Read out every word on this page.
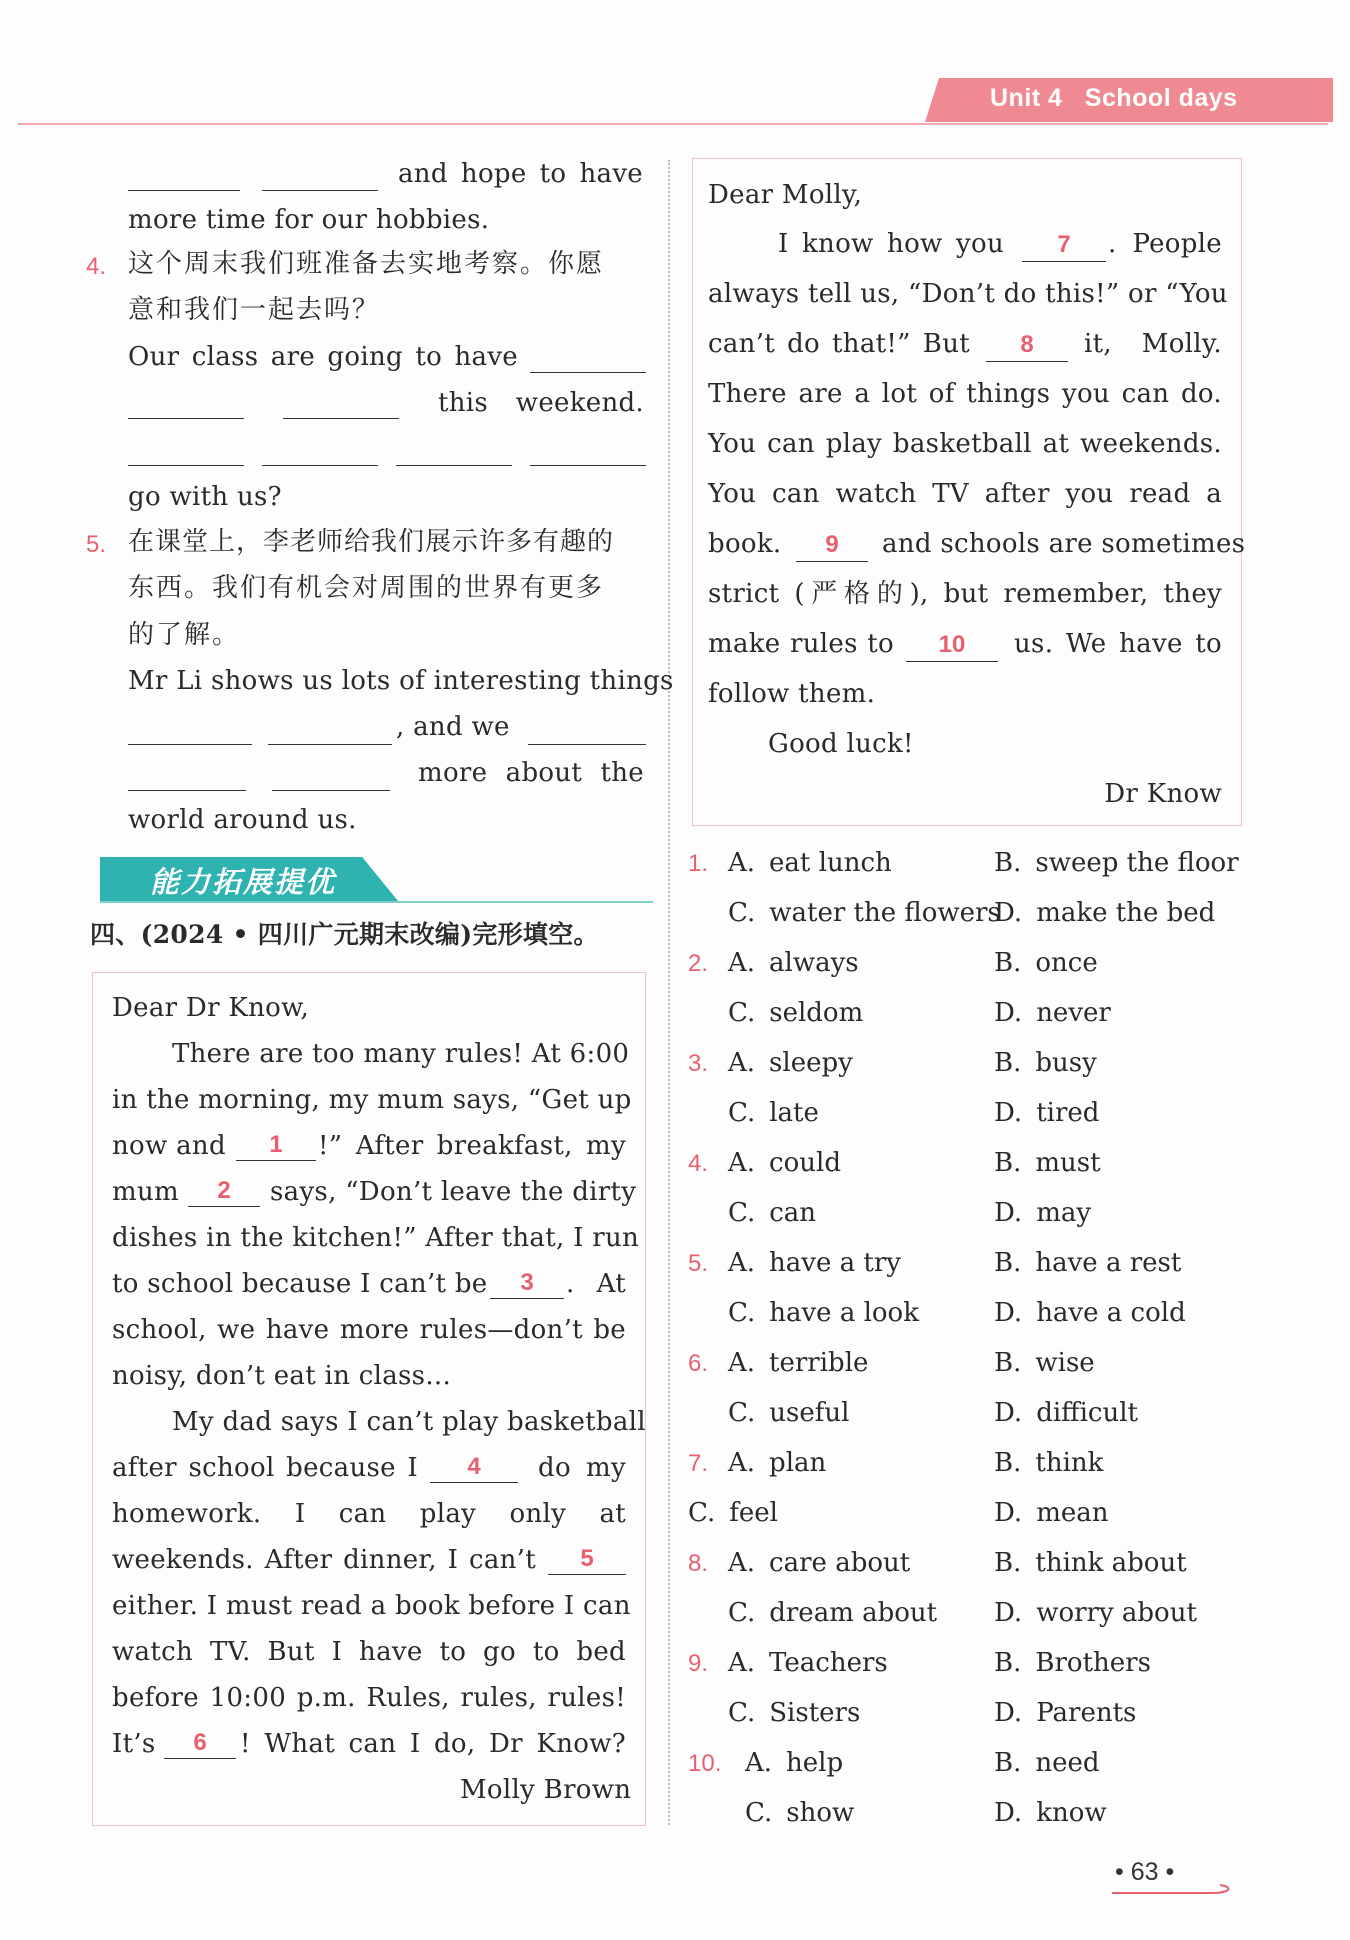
Unit 4 School days
and hope to have
more time for our hobbies.
4. 这个周末我们班准备去实地考察。你愿
意和我们一起去吗？
Our class are going to have
this weekend.
go with us?
5. 在课堂上，李老师给我们展示许多有趣的
东西。我们有机会对周围的世界有更多
的了解。
Mr Li shows us lots of interesting things
, and we
more about the
world around us.
能力拓展提优
四、(2024 • 四川广元期末改编)完形填空。
Dear Dr Know,
There are too many rules! At 6:00
in the morning, my mum says, “Get up
now and	1	!” After breakfast, my
mum	2	says, “Don’t leave the dirty
dishes in the kitchen!” After that, I run
to school because I can’t be	3	. At
school, we have more rules—don’t be
noisy, don’t eat in class...
My dad says I can’t play basketball
after school because I	4	do my
homework. I can play only at
weekends. After dinner, I can’t	5
either. I must read a book before I can
watch TV. But I have to go to bed
before 10:00 p.m. Rules, rules, rules!
It’s	6	! What can I do, Dr Know?
Molly Brown
Dear Molly,
I know how you	7	. People
always tell us, “Don’t do this!” or “You
can’t do that!” But	8	it, Molly.
There are a lot of things you can do.
You can play basketball at weekends.
You can watch TV after you read a
book.	9	and schools are sometimes
strict (严格的), but remember, they
make rules to	10	us. We have to
follow them.
Good luck!
Dr Know
1. A. eat lunch	B. sweep the floor
C. water the flowers
D. make the bed
2. A. always	B. once
C. seldom	D. never
3. A. sleepy	B. busy
C. late	D. tired
4. A. could	B. must
C. can	D. may
5. A. have a try	B. have a rest
C. have a look	D. have a cold
6. A. terrible	B. wise
C. useful	D. difficult
7. A. plan	B. think
C. feel	D. mean
8. A. care about	B. think about
C. dream about D. worry about
9. A. Teachers	B. Brothers
C. Sisters	D. Parents
10. A. help	B. need
C. show	D. know
• 63 •
